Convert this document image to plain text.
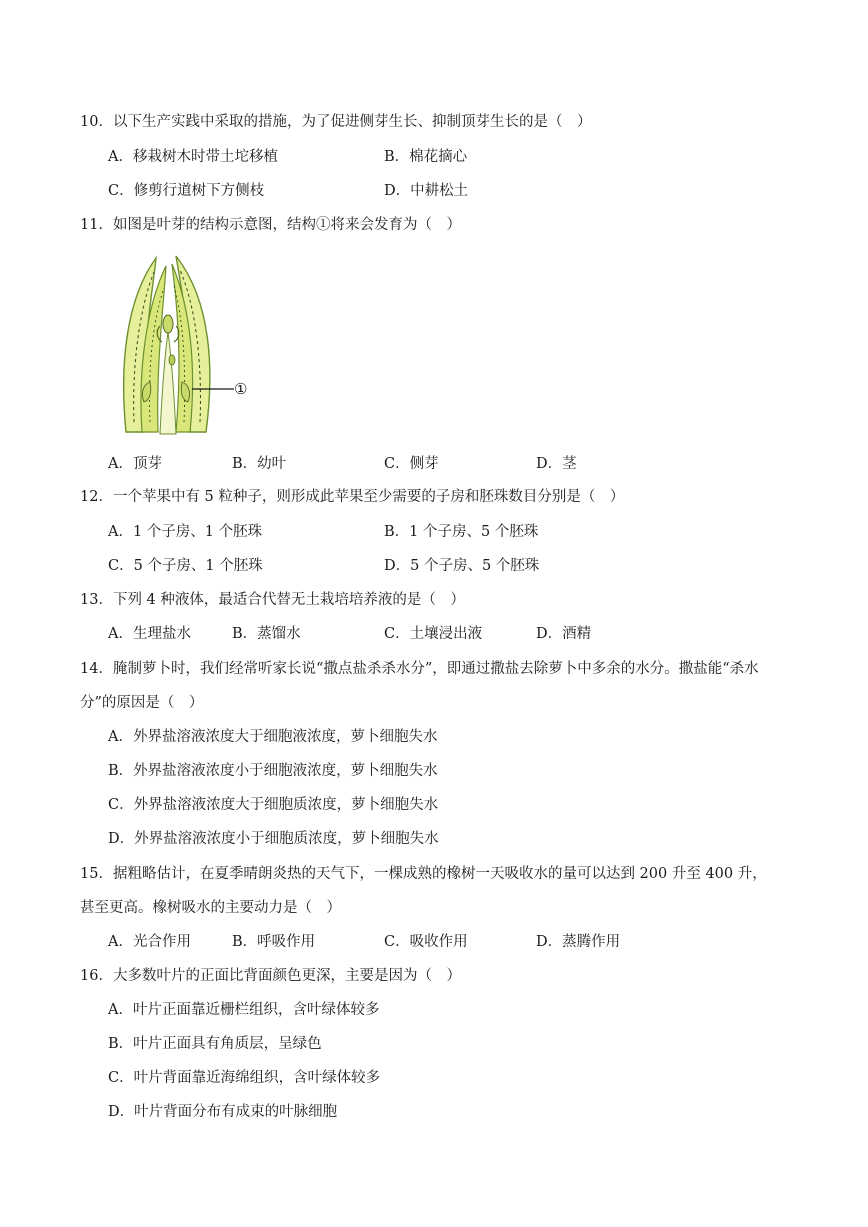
10．以下生产实践中采取的措施，为了促进侧芽生长、抑制顶芽生长的是（　）
A．移栽树木时带土坨移植	B．棉花摘心
C．修剪行道树下方侧枝	D．中耕松土
11．如图是叶芽的结构示意图，结构①将来会发育为（　）
①
A．顶芽	B．幼叶	C．侧芽	D．茎
12．一个苹果中有 5 粒种子，则形成此苹果至少需要的子房和胚珠数目分别是（　）
A．1 个子房、1 个胚珠	B．1 个子房、5 个胚珠
C．5 个子房、1 个胚珠	D．5 个子房、5 个胚珠
13．下列 4 种液体，最适合代替无土栽培培养液的是（　）
A．生理盐水	B．蒸馏水	C．土壤浸出液	D．酒精
14．腌制萝卜时，我们经常听家长说“撒点盐杀杀水分”，即通过撒盐去除萝卜中多余的水分。撒盐能“杀水
分”的原因是（　）
A．外界盐溶液浓度大于细胞液浓度，萝卜细胞失水
B．外界盐溶液浓度小于细胞液浓度，萝卜细胞失水
C．外界盐溶液浓度大于细胞质浓度，萝卜细胞失水
D．外界盐溶液浓度小于细胞质浓度，萝卜细胞失水
15．据粗略估计，在夏季晴朗炎热的天气下，一棵成熟的橡树一天吸收水的量可以达到 200 升至 400 升，
甚至更高。橡树吸水的主要动力是（　）
A．光合作用	B．呼吸作用	C．吸收作用	D．蒸腾作用
16．大多数叶片的正面比背面颜色更深，主要是因为（　）
A．叶片正面靠近栅栏组织，含叶绿体较多
B．叶片正面具有角质层，呈绿色
C．叶片背面靠近海绵组织，含叶绿体较多
D．叶片背面分布有成束的叶脉细胞
